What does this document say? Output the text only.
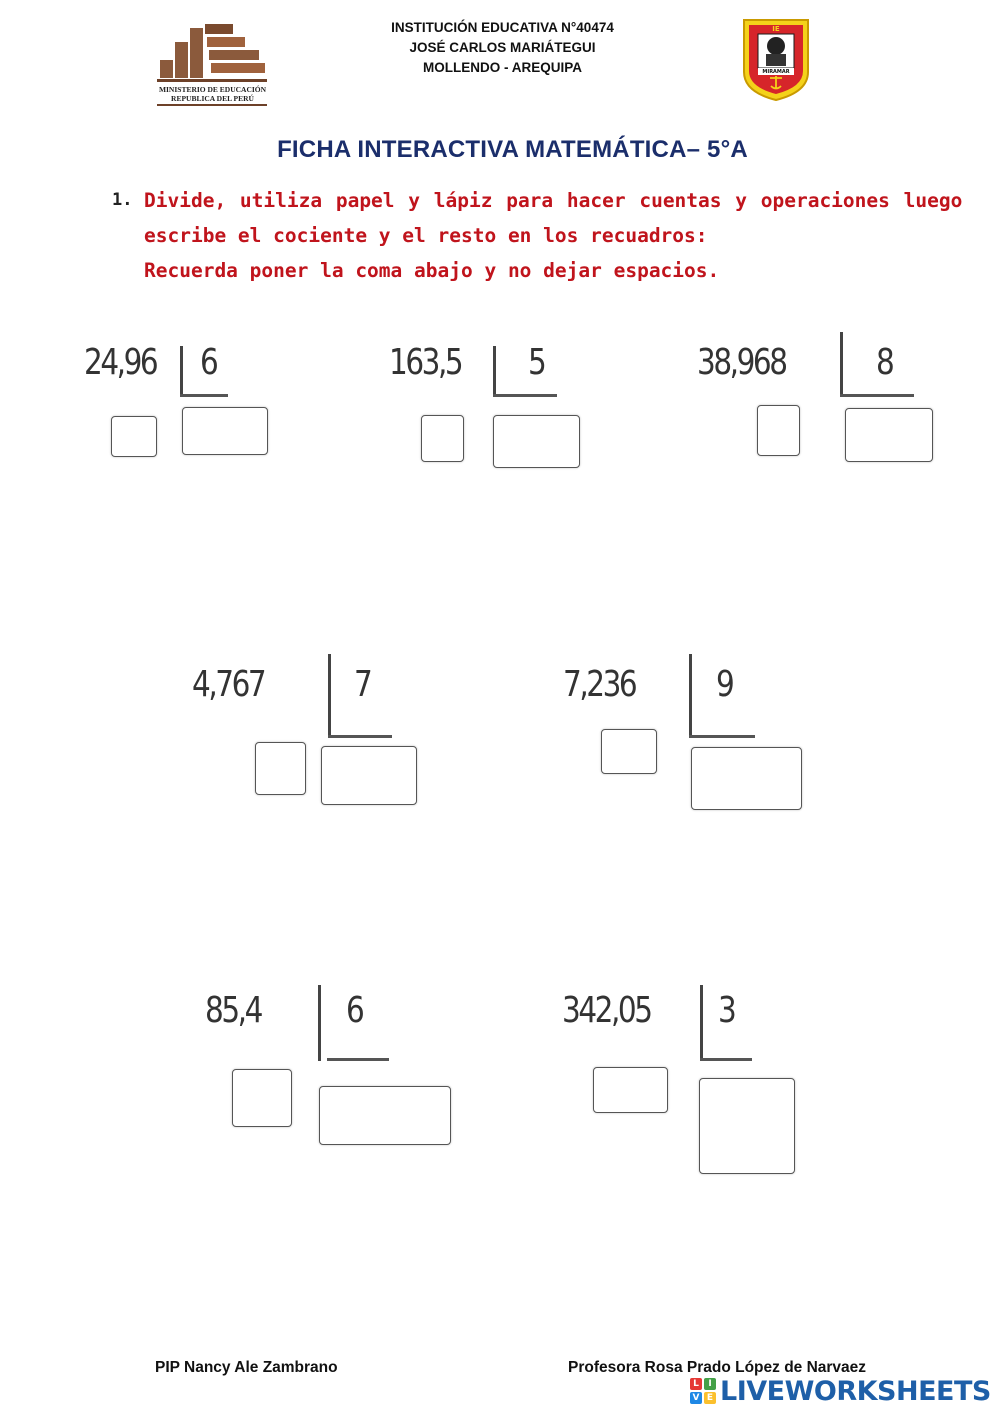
MINISTERIO DE EDUCACIÓN
REPUBLICA DEL PERÚ
INSTITUCIÓN EDUCATIVA N°40474
JOSÉ CARLOS MARIÁTEGUI
MOLLENDO - AREQUIPA
IE
MIRAMAR
FICHA INTERACTIVA MATEMÁTICA– 5°A
1. Divide, utiliza papel y lápiz para hacer cuentas y operaciones luego
escribe el cociente y el resto en los recuadros:
Recuerda poner la coma abajo y no dejar espacios.
24,96 6	163,5 5	38,968	8
4,767 7	7,236 9
85,4 6	342,05 3
PIP Nancy Ale Zambrano	Profesora Rosa Prado López de Narvaez
L	I
V E LIVEWORKSHEETS
